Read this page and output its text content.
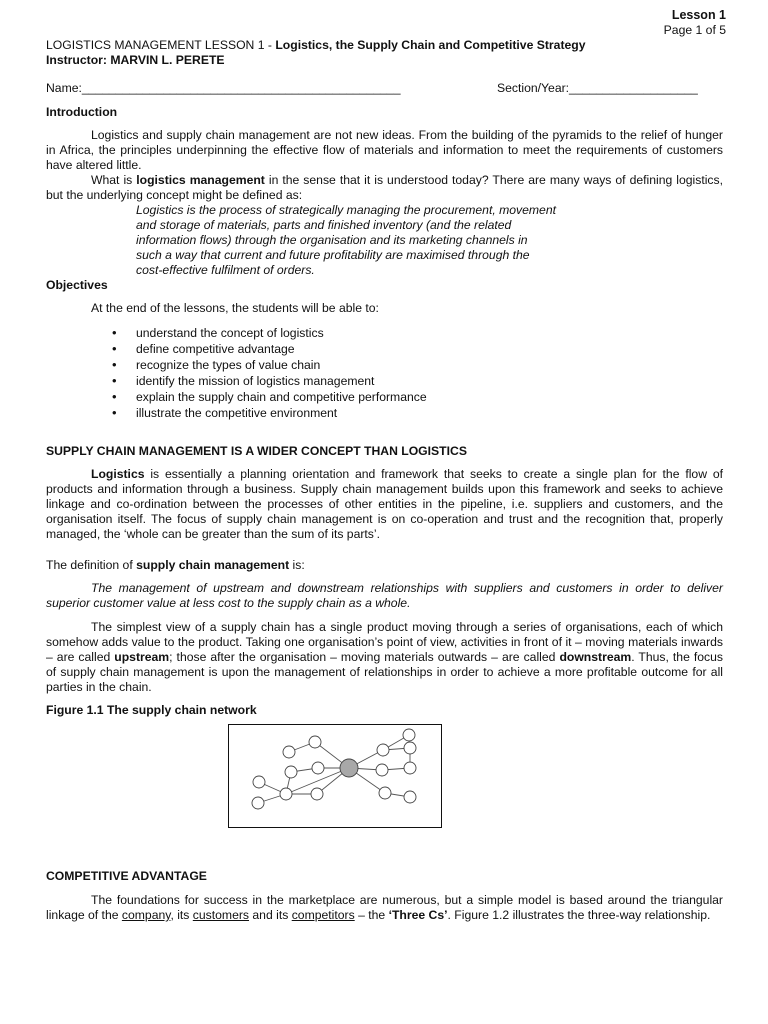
Lesson 1
Page 1 of 5
LOGISTICS MANAGEMENT LESSON 1 - Logistics, the Supply Chain and Competitive Strategy
Instructor: MARVIN L. PERETE
Name:_______________________________________________	Section/Year:___________________
Introduction
Logistics and supply chain management are not new ideas. From the building of the pyramids to the relief of hunger in Africa, the principles underpinning the effective flow of materials and information to meet the requirements of customers have altered little.
What is logistics management in the sense that it is understood today? There are many ways of defining logistics, but the underlying concept might be defined as:
Logistics is the process of strategically managing the procurement, movement
and storage of materials, parts and finished inventory (and the related
information flows) through the organisation and its marketing channels in
such a way that current and future profitability are maximised through the
cost-effective fulfilment of orders.
Objectives
At the end of the lessons, the students will be able to:
• understand the concept of logistics
• define competitive advantage
• recognize the types of value chain
• identify the mission of logistics management
• explain the supply chain and competitive performance
• illustrate the competitive environment
SUPPLY CHAIN MANAGEMENT IS A WIDER CONCEPT THAN LOGISTICS
Logistics is essentially a planning orientation and framework that seeks to create a single plan for the flow of products and information through a business. Supply chain management builds upon this framework and seeks to achieve linkage and co-ordination between the processes of other entities in the pipeline, i.e. suppliers and customers, and the organisation itself. The focus of supply chain management is on co-operation and trust and the recognition that, properly managed, the ‘whole can be greater than the sum of its parts’.
The definition of supply chain management is:
The management of upstream and downstream relationships with suppliers and customers in order to deliver superior customer value at less cost to the supply chain as a whole.
The simplest view of a supply chain has a single product moving through a series of organisations, each of which somehow adds value to the product. Taking one organisation’s point of view, activities in front of it – moving materials inwards – are called upstream; those after the organisation – moving materials outwards – are called downstream. Thus, the focus of supply chain management is upon the management of relationships in order to achieve a more profitable outcome for all parties in the chain.
Figure 1.1 The supply chain network
COMPETITIVE ADVANTAGE
The foundations for success in the marketplace are numerous, but a simple model is based around the triangular linkage of the company, its customers and its competitors – the ‘Three Cs’. Figure 1.2 illustrates the three-way relationship.
